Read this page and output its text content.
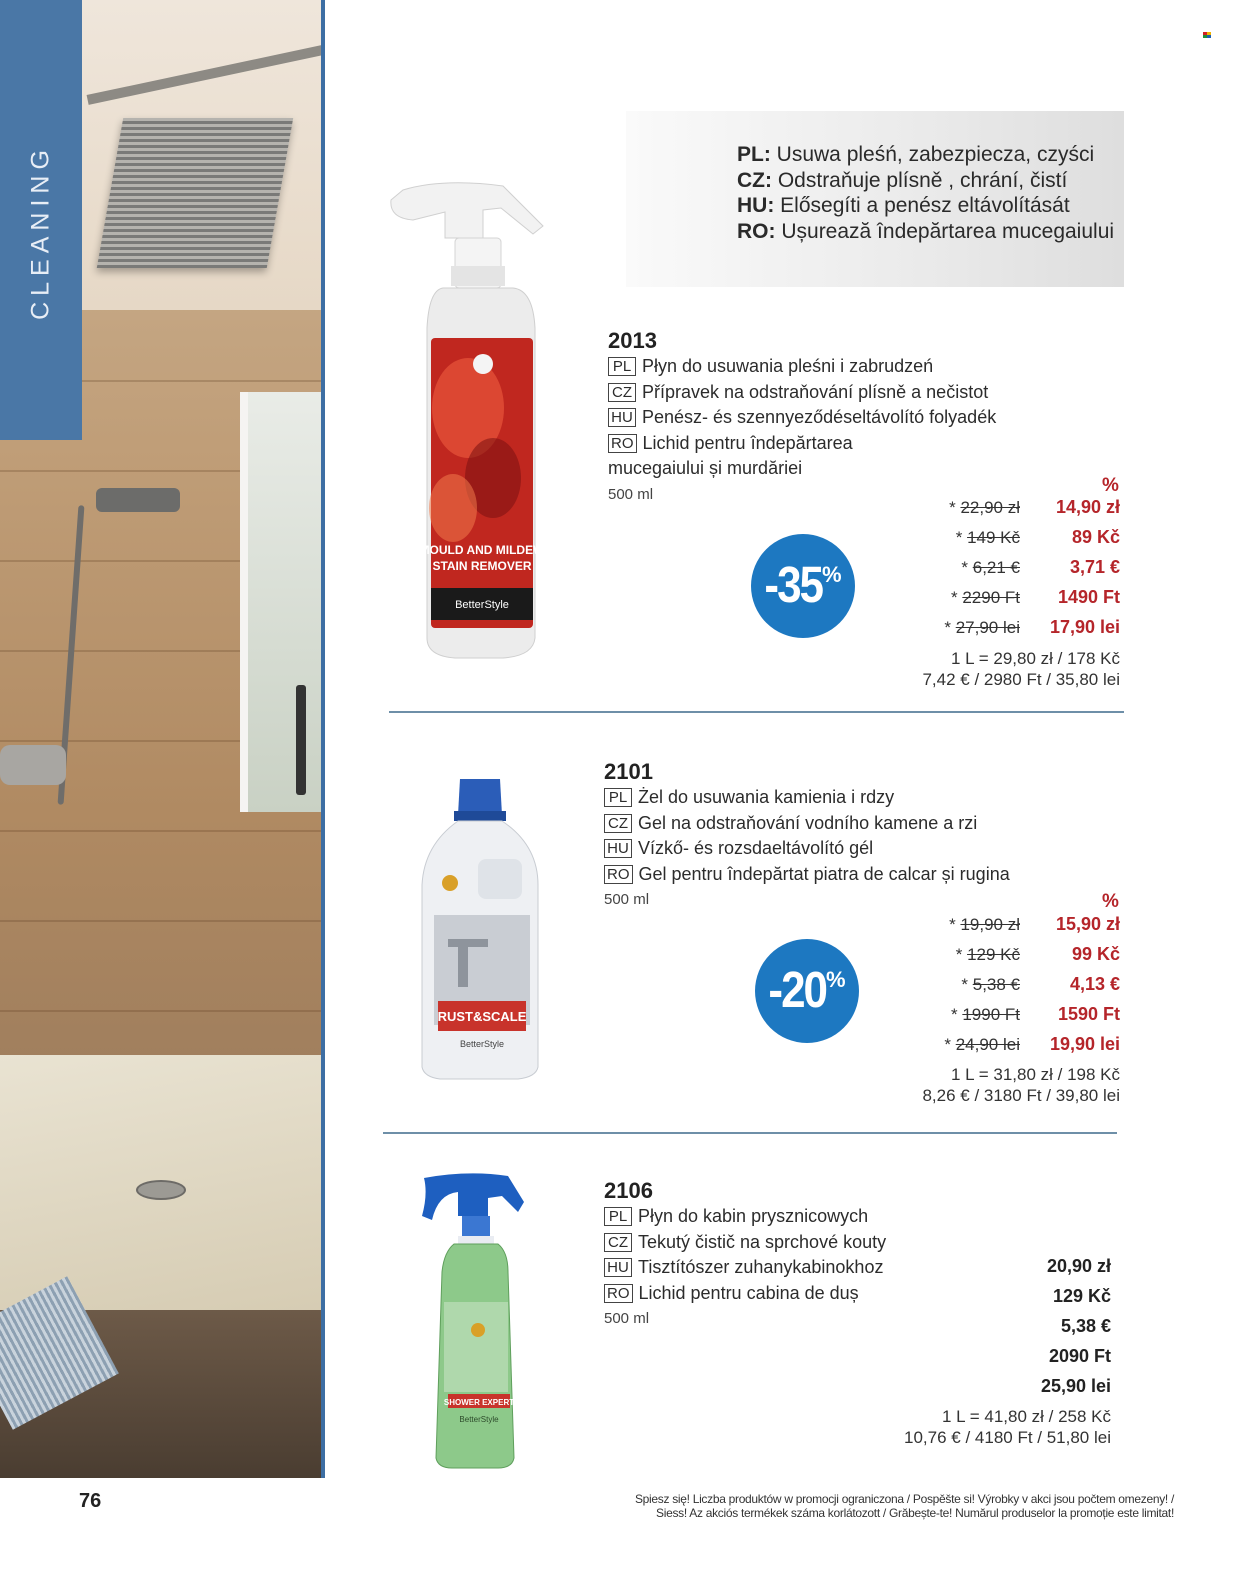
CLEANING	PL: Usuwa pleśń, zabezpiecza, czyści
CZ: Odstraňuje plísně , chrání, čistí
HU: Elősegíti a penész eltávolítását
RO: Ușurează îndepărtarea mucegaiului
MOULD AND MILDEW
STAIN REMOVER
BetterStyle
2013
PL Płyn do usuwania pleśni i zabrudzeń
CZ Přípravek na odstraňování plísně a nečistot
HU Penész- és szennyeződéseltávolító folyadék
RO Lichid pentru îndepărtarea
mucegaiului și murdăriei
500 ml
-35 %
%
* 22,90 zł 14,90 zł
* 149 Kč	89 Kč
* 6,21 €	3,71 €
* 2290 Ft 1490 Ft
* 27,90 lei 17,90 lei
1 L = 29,80 zł / 178 Kč
7,42 € / 2980 Ft / 35,80 lei
RUST&SCALE
BetterStyle
2101
PL Żel do usuwania kamienia i rdzy
CZ Gel na odstraňování vodního kamene a rzi
HU Vízkő- és rozsdaeltávolító gél
RO Gel pentru îndepărtat piatra de calcar și rugina
500 ml
-20 %
%
* 19,90 zł 15,90 zł
* 129 Kč	99 Kč
* 5,38 €	4,13 €
* 1990 Ft 1590 Ft
* 24,90 lei 19,90 lei
1 L = 31,80 zł / 198 Kč
8,26 € / 3180 Ft / 39,80 lei
SHOWER EXPERT
BetterStyle
2106
PL Płyn do kabin prysznicowych
CZ Tekutý čistič na sprchové kouty
HU Tisztítószer zuhanykabinokhoz
RO Lichid pentru cabina de duș
500 ml
20,90 zł
129 Kč
5,38 €
2090 Ft
25,90 lei
1 L = 41,80 zł / 258 Kč
10,76 € / 4180 Ft / 51,80 lei
76	Spiesz się! Liczba produktów w promocji ograniczona / Pospěšte si! Výrobky v akci jsou počtem omezeny! /
Siess! Az akciós termékek száma korlátozott / Grăbește-te! Numărul produselor la promoție este limitat!
